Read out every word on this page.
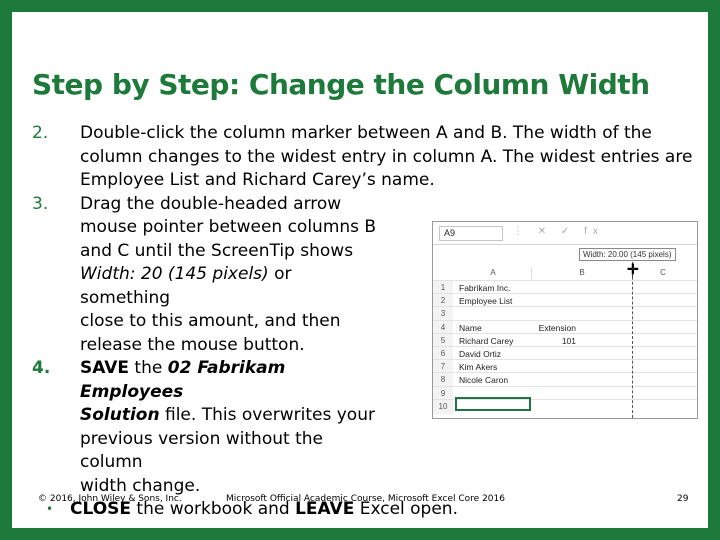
Step by Step: Change the Column Width
2.	Double-click the column marker between A and B. The width of the column changes to the widest entry in column A. The widest entries are Employee List and Richard Carey’s name.
3.	Drag the double-headed arrow
mouse pointer between columns B
and C until the ScreenTip shows
Width: 20 (145 pixels) or something
close to this amount, and then
release the mouse button.
4.	SAVE the 02 Fabrikam Employees
Solution file. This overwrites your
previous version without the column
width change.
• CLOSE the workbook and LEAVE Excel open.
A9	⋮ ✕ ✓ fx
Width: 20.00 (145 pixels)
A	B	C
1	Fabrikam Inc.
2	Employee List
3
4	Name	Extension
5	Richard Carey	101
6	David Ortiz
7	Kim Akers
8	Nicole Caron
9
10
✛
© 2016, John Wiley & Sons, Inc.	Microsoft Official Academic Course, Microsoft Excel Core 2016	29
